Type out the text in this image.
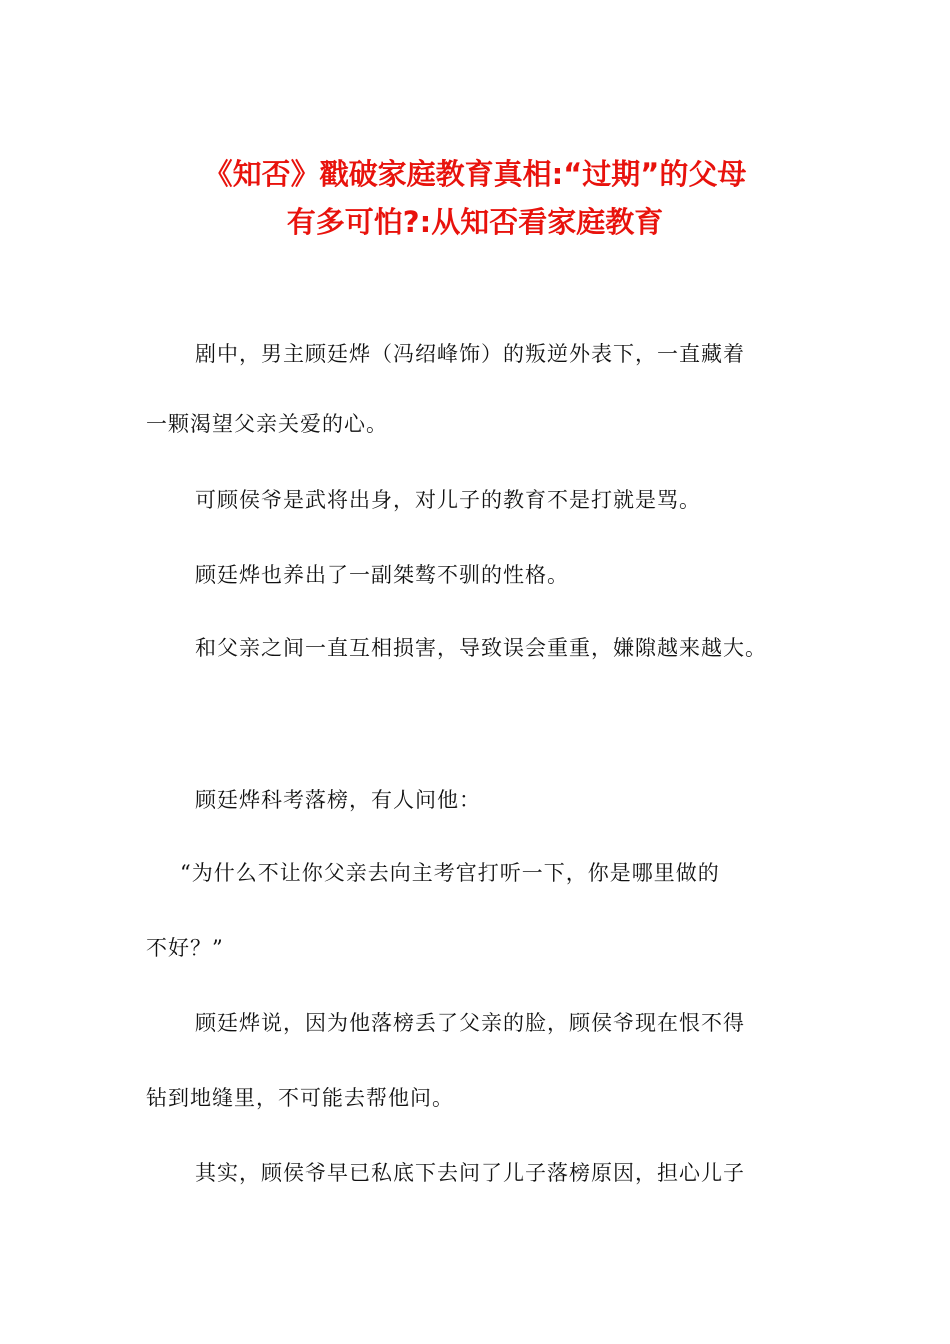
《知否》戳破家庭教育真相:“过期”的父母
有多可怕?:从知否看家庭教育

剧中，男主顾廷烨（冯绍峰饰）的叛逆外表下，一直藏着

一颗渴望父亲关爱的心。

可顾侯爷是武将出身，对儿子的教育不是打就是骂。

顾廷烨也养出了一副桀骜不驯的性格。

和父亲之间一直互相损害，导致误会重重，嫌隙越来越大。

顾廷烨科考落榜，有人问他：

“为什么不让你父亲去向主考官打听一下，你是哪里做的

不好？”

顾廷烨说，因为他落榜丢了父亲的脸，顾侯爷现在恨不得

钻到地缝里，不可能去帮他问。

其实，顾侯爷早已私底下去问了儿子落榜原因，担心儿子
